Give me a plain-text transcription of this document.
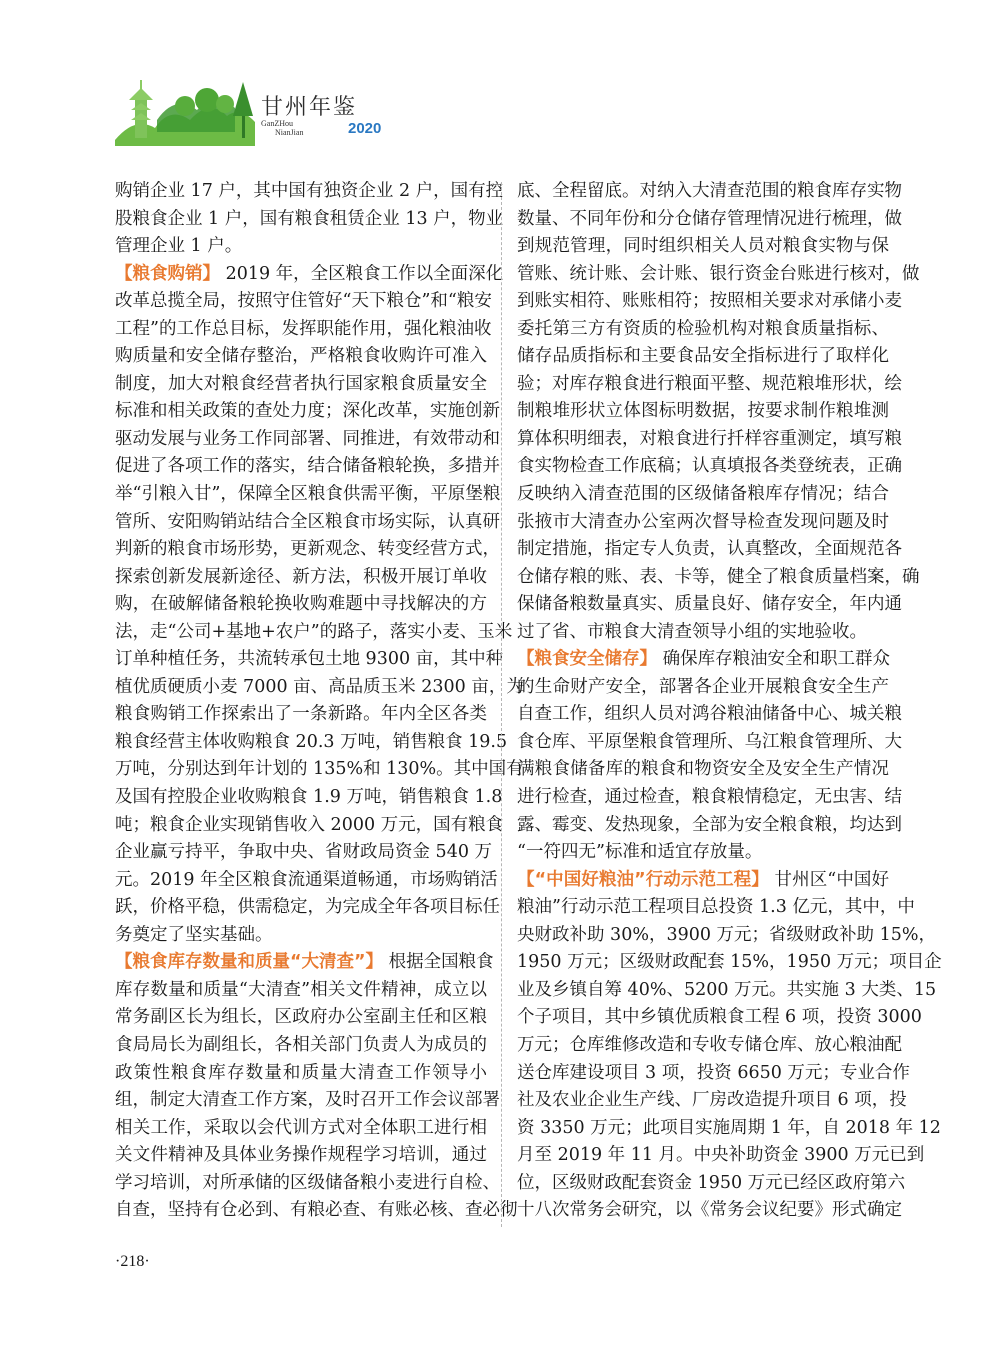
甘州年鉴
GanZHou
NianJian	2020
购销企业 17 户，其中国有独资企业 2 户，国有控
股粮食企业 1 户，国有粮食租赁企业 13 户，物业
管理企业 1 户。
【粮食购销】 2019 年，全区粮食工作以全面深化
改革总揽全局，按照守住管好“天下粮仓”和“粮安
工程”的工作总目标，发挥职能作用，强化粮油收
购质量和安全储存整治，严格粮食收购许可准入
制度，加大对粮食经营者执行国家粮食质量安全
标准和相关政策的查处力度；深化改革，实施创新
驱动发展与业务工作同部署、同推进，有效带动和
促进了各项工作的落实，结合储备粮轮换，多措并
举“引粮入甘”，保障全区粮食供需平衡，平原堡粮
管所、安阳购销站结合全区粮食市场实际，认真研
判新的粮食市场形势，更新观念、转变经营方式，
探索创新发展新途径、新方法，积极开展订单收
购，在破解储备粮轮换收购难题中寻找解决的方
法，走“公司+基地+农户”的路子，落实小麦、玉米
订单种植任务，共流转承包土地 9300 亩，其中种
植优质硬质小麦 7000 亩、高品质玉米 2300 亩，为
粮食购销工作探索出了一条新路。年内全区各类
粮食经营主体收购粮食 20.3 万吨，销售粮食 19.5
万吨，分别达到年计划的 135%和 130%。其中国有
及国有控股企业收购粮食 1.9 万吨，销售粮食 1.8
吨；粮食企业实现销售收入 2000 万元，国有粮食
企业赢亏持平，争取中央、省财政局资金 540 万
元。2019 年全区粮食流通渠道畅通，市场购销活
跃，价格平稳，供需稳定，为完成全年各项目标任
务奠定了坚实基础。
【粮食库存数量和质量“大清查”】 根据全国粮食
库存数量和质量“大清查”相关文件精神，成立以
常务副区长为组长，区政府办公室副主任和区粮
食局局长为副组长，各相关部门负责人为成员的
政策性粮食库存数量和质量大清查工作领导小
组，制定大清查工作方案，及时召开工作会议部署
相关工作，采取以会代训方式对全体职工进行相
关文件精神及具体业务操作规程学习培训，通过
学习培训，对所承储的区级储备粮小麦进行自检、
自查，坚持有仓必到、有粮必查、有账必核、查必彻
底、全程留底。对纳入大清查范围的粮食库存实物
数量、不同年份和分仓储存管理情况进行梳理，做
到规范管理，同时组织相关人员对粮食实物与保
管账、统计账、会计账、银行资金台账进行核对，做
到账实相符、账账相符；按照相关要求对承储小麦
委托第三方有资质的检验机构对粮食质量指标、
储存品质指标和主要食品安全指标进行了取样化
验；对库存粮食进行粮面平整、规范粮堆形状，绘
制粮堆形状立体图标明数据，按要求制作粮堆测
算体积明细表，对粮食进行扦样容重测定，填写粮
食实物检查工作底稿；认真填报各类登统表，正确
反映纳入清查范围的区级储备粮库存情况；结合
张掖市大清查办公室两次督导检查发现问题及时
制定措施，指定专人负责，认真整改，全面规范各
仓储存粮的账、表、卡等，健全了粮食质量档案，确
保储备粮数量真实、质量良好、储存安全，年内通
过了省、市粮食大清查领导小组的实地验收。
【粮食安全储存】 确保库存粮油安全和职工群众
的生命财产安全，部署各企业开展粮食安全生产
自查工作，组织人员对鸿谷粮油储备中心、城关粮
食仓库、平原堡粮食管理所、乌江粮食管理所、大
满粮食储备库的粮食和物资安全及安全生产情况
进行检查，通过检查，粮食粮情稳定，无虫害、结
露、霉变、发热现象，全部为安全粮食粮，均达到
“一符四无”标准和适宜存放量。
【“中国好粮油”行动示范工程】 甘州区“中国好
粮油”行动示范工程项目总投资 1.3 亿元，其中，中
央财政补助 30%，3900 万元；省级财政补助 15%，
1950 万元；区级财政配套 15%，1950 万元；项目企
业及乡镇自筹 40%、5200 万元。共实施 3 大类、15
个子项目，其中乡镇优质粮食工程 6 项，投资 3000
万元；仓库维修改造和专收专储仓库、放心粮油配
送仓库建设项目 3 项，投资 6650 万元；专业合作
社及农业企业生产线、厂房改造提升项目 6 项，投
资 3350 万元；此项目实施周期 1 年，自 2018 年 12
月至 2019 年 11 月。中央补助资金 3900 万元已到
位，区级财政配套资金 1950 万元已经区政府第六
十八次常务会研究，以《常务会议纪要》形式确定
·218·
